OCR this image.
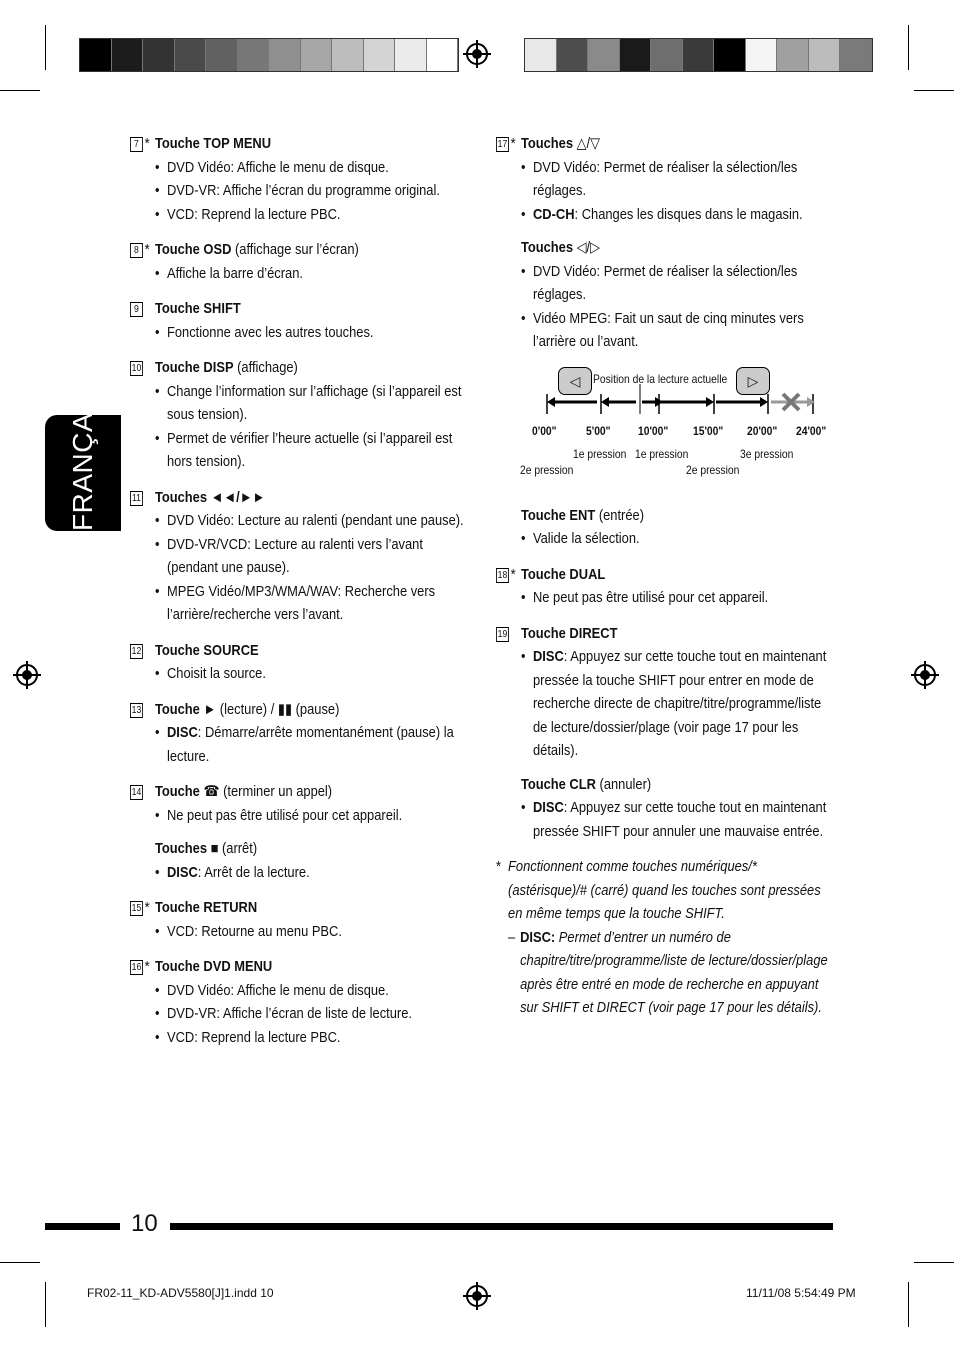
FRANÇAIS
7 * Touche TOP MENU
• DVD Vidéo: Affiche le menu de disque.
• DVD-VR: Affiche l’écran du programme original.
• VCD: Reprend la lecture PBC.
8 * Touche OSD (affichage sur l’écran)
• Affiche la barre d’écran.
9 Touche SHIFT
• Fonctionne avec les autres touches.
10 Touche DISP (affichage)
• Change l’information sur l’affichage (si l’appareil est sous tension).
• Permet de vérifier l’heure actuelle (si l’appareil est hors tension).
11 Touches ◄◄/►►
• DVD Vidéo: Lecture au ralenti (pendant une pause).
• DVD-VR/VCD: Lecture au ralenti vers l’avant (pendant une pause).
• MPEG Vidéo/MP3/WMA/WAV: Recherche vers l’arrière/recherche vers l’avant.
12 Touche SOURCE
• Choisit la source.
13 Touche ► (lecture) / ▮▮ (pause)
• DISC: Démarre/arrête momentanément (pause) la lecture.
14 Touche ☎ (terminer un appel)
• Ne peut pas être utilisé pour cet appareil.
Touches ■ (arrêt)
• DISC: Arrêt de la lecture.
15 * Touche RETURN
• VCD: Retourne au menu PBC.
16 * Touche DVD MENU
• DVD Vidéo: Affiche le menu de disque.
• DVD-VR: Affiche l’écran de liste de lecture.
• VCD: Reprend la lecture PBC.
17 * Touches △/▽
• DVD Vidéo: Permet de réaliser la sélection/les réglages.
• CD-CH: Changes les disques dans le magasin.
Touches ◁/▷
• DVD Vidéo: Permet de réaliser la sélection/les réglages.
• Vidéo MPEG: Fait un saut de cinq minutes vers l’arrière ou l’avant.
Touche ENT (entrée)
• Valide la sélection.
18 * Touche DUAL
• Ne peut pas être utilisé pour cet appareil.
19 Touche DIRECT
• DISC: Appuyez sur cette touche tout en maintenant pressée la touche SHIFT pour entrer en mode de recherche directe de chapitre/titre/programme/liste de lecture/dossier/plage (voir page 17 pour les détails).
Touche CLR (annuler)
• DISC: Appuyez sur cette touche tout en maintenant pressée SHIFT pour annuler une mauvaise entrée.
* Fonctionnent comme touches numériques/* (astérisque)/# (carré) quand les touches sont pressées en même temps que la touche SHIFT.
– DISC: Permet d’entrer un numéro de chapitre/titre/programme/liste de lecture/dossier/plage après être entré en mode de recherche en appuyant sur SHIFT et DIRECT (voir page 17 pour les détails).
◁	▷
Position de la lecture actuelle
0'00" 5'00" 10'00" 15'00" 20'00" 24'00"
1e pression 1e pression	3e pression
2e pression	2e pression
10
FR02-11_KD-ADV5580[J]1.indd 10	11/11/08 5:54:49 PM
